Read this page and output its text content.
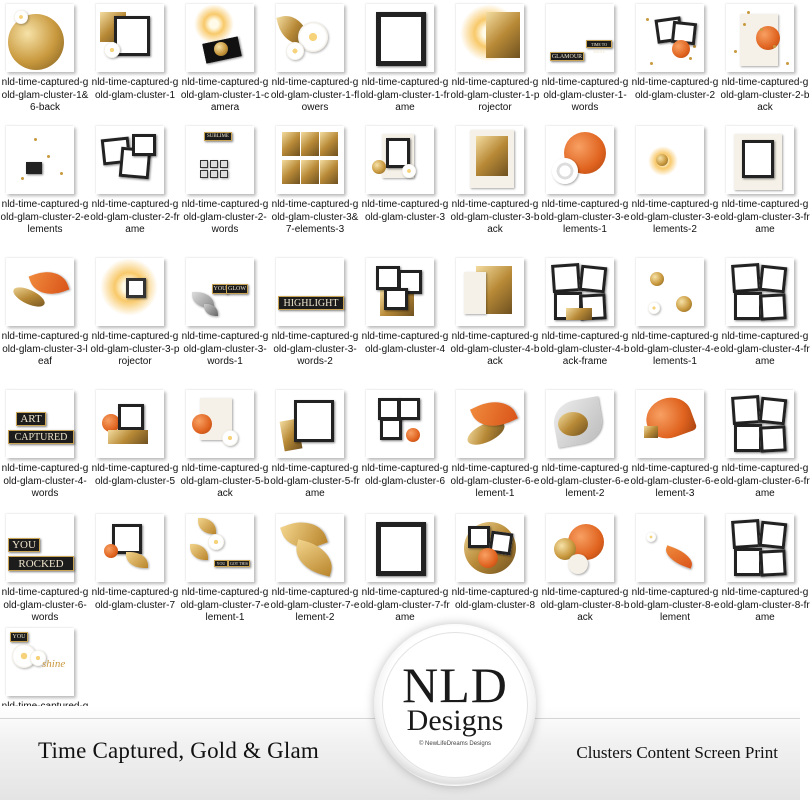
nld-time-captured-gold-glam-cluster-1&6-back
nld-time-captured-gold-glam-cluster-1
nld-time-captured-gold-glam-cluster-1-camera
nld-time-captured-gold-glam-cluster-1-flowers
nld-time-captured-gold-glam-cluster-1-frame
nld-time-captured-gold-glam-cluster-1-projector
GLAMOUR
TIME TO SHINE
nld-time-captured-gold-glam-cluster-1-words
nld-time-captured-gold-glam-cluster-2
nld-time-captured-gold-glam-cluster-2-back
nld-time-captured-gold-glam-cluster-2-elements
nld-time-captured-gold-glam-cluster-2-frame
SUBLIME
nld-time-captured-gold-glam-cluster-2-words
nld-time-captured-gold-glam-cluster-3&7-elements-3
nld-time-captured-gold-glam-cluster-3
nld-time-captured-gold-glam-cluster-3-back
nld-time-captured-gold-glam-cluster-3-elements-1
nld-time-captured-gold-glam-cluster-3-elements-2
nld-time-captured-gold-glam-cluster-3-frame
nld-time-captured-gold-glam-cluster-3-leaf
nld-time-captured-gold-glam-cluster-3-projector
YOU GLOW
nld-time-captured-gold-glam-cluster-3-words-1
HIGHLIGHT
nld-time-captured-gold-glam-cluster-3-words-2
nld-time-captured-gold-glam-cluster-4
nld-time-captured-gold-glam-cluster-4-back
nld-time-captured-gold-glam-cluster-4-back-frame
nld-time-captured-gold-glam-cluster-4-elements-1
nld-time-captured-gold-glam-cluster-4-frame
ART
CAPTURED
nld-time-captured-gold-glam-cluster-4-words
nld-time-captured-gold-glam-cluster-5
nld-time-captured-gold-glam-cluster-5-back
nld-time-captured-gold-glam-cluster-5-frame
nld-time-captured-gold-glam-cluster-6
nld-time-captured-gold-glam-cluster-6-element-1
nld-time-captured-gold-glam-cluster-6-element-2
nld-time-captured-gold-glam-cluster-6-element-3
nld-time-captured-gold-glam-cluster-6-frame
YOU
ROCKED
nld-time-captured-gold-glam-cluster-6-words
nld-time-captured-gold-glam-cluster-7
YOU	GOT THIS
nld-time-captured-gold-glam-cluster-7-element-1
nld-time-captured-gold-glam-cluster-7-element-2
nld-time-captured-gold-glam-cluster-7-frame
nld-time-captured-gold-glam-cluster-8
nld-time-captured-gold-glam-cluster-8-back
nld-time-captured-gold-glam-cluster-8-element
nld-time-captured-gold-glam-cluster-8-frame
YOU
shine
Time Captured, Gold & Glam	Clusters Content Screen Print
NLD
Designs
© NewLifeDreams Designs
